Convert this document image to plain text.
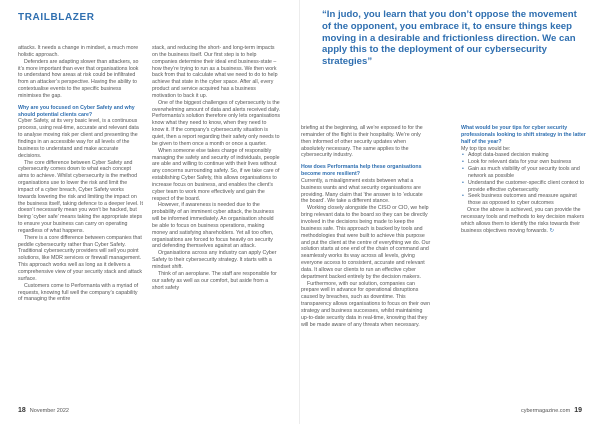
TRAILBLAZER

attacks. It needs a change in mindset, a much more holistic approach.

Defenders are adapting slower than attackers, so it’s more important than ever that organisations look to understand how areas at risk could be infiltrated from an attacker’s perspective. Having the ability to contextualise events to the specific business minimises the gap.

Why are you focused on Cyber Safety and why should potential clients care?

Cyber Safety, at its very basic level, is a continuous process, using real-time, accurate and relevant data to analyse moving risk per client and presenting the findings in an accessible way for all levels of the business to understand and make accurate decisions.

The core difference between Cyber Safety and cybersecurity comes down to what each concept aims to achieve. Whilst cybersecurity is the method organisations use to lower the risk and limit the impact of a cyber breach, Cyber Safety works towards lowering the risk and limiting the impact on the business itself, taking defence to a deeper level. It doesn’t necessarily mean you won’t be hacked, but being ‘cyber safe’ means taking the appropriate steps to ensure your business can carry on operating regardless of what happens.

There is a core difference between companies that peddle cybersecurity rather than Cyber Safety. Traditional cybersecurity providers will sell you point solutions, like MDR services or firewall management. This approach works well as long as it delivers a comprehensive view of your security stack and attack surface.

Customers come to Performanta with a myriad of requests, knowing full well the company’s capability of managing the entire

stack, and reducing the short- and long-term impacts on the business itself. Our first step is to help companies determine their ideal end business-state – how they’re trying to run as a business. We then work back from that to calculate what we need to do to help achieve that state in the cyber space. After all, every product and service acquired has a business motivation to back it up.

One of the biggest challenges of cybersecurity is the overwhelming amount of data and alerts received daily. Performanta’s solution therefore only lets organisations know what they need to know, when they need to know it. If the company’s cybersecurity situation is quiet, then a report regarding their safety only needs to be given to them once a month or once a quarter.

When someone else takes charge of responsibly managing the safety and security of individuals, people are able and willing to continue with their lives without any concerns surrounding safety. So, if we take care of establishing Cyber Safety, this allows organisations to increase focus on business, and enables the client’s cyber team to work more effectively and gain the respect of the board.

However, if awareness is needed due to the probability of an imminent cyber attack, the business will be informed immediately. An organisation should be able to focus on business operations, making money and satisfying shareholders. Yet all too often, organisations are forced to focus heavily on security and defending themselves against an attack.

Organisations across any industry can apply Cyber Safety to their cybersecurity strategy. It starts with a mindset shift.

Think of an aeroplane. The staff are responsible for our safety as well as our comfort, but aside from a short safety

18 November 2022

“In judo, you learn that you don’t oppose the movement of the opponent, you embrace it, to ensure things keep moving in a desirable and frictionless direction. We can apply this to the deployment of our cybersecurity strategies”

briefing at the beginning, all we’re exposed to for the remainder of the flight is their hospitality. We’re only then informed of other security updates when absolutely necessary. The same applies to the cybersecurity industry.

How does Performanta help these organisations become more resilient?

Currently, a misalignment exists between what a business wants and what security organisations are providing. Many claim that ‘the answer is to ‘educate the board’. We take a different stance.

Working closely alongside the CISO or CIO, we help bring relevant data to the board so they can be directly involved in the decisions being made to keep the business safe. This approach is backed by tools and methodologies that were built to achieve this purpose and put the client at the centre of everything we do. Our solution starts at one end of the chain of command and seamlessly works its way across all levels, giving everyone access to consistent, accurate and relevant data. It allows our clients to run an effective cyber department backed entirely by the decision makers.

Furthermore, with our solution, companies can prepare well in advance for operational disruptions caused by breaches, such as downtime. This transparency allows organisations to focus on their own strategy and business successes, whilst maintaining up-to-date security data in real-time, knowing that they will be made aware of any threats when necessary.

What would be your tips for cyber security professionals looking to shift strategy in the latter half of the year?

My top tips would be:

• Adopt data-based decision making
• Look for relevant data for your own business
• Gain as much visibility of your security tools and network as possible
• Understand the customer-specific client context to provide effective cybersecurity
• Seek business outcomes and measure against those as opposed to cyber outcomes

Once the above is achieved, you can provide the necessary tools and methods to key decision makers which allows them to identify the risks towards their business objectives moving forwards. ↻

cybermagazine.com 19
